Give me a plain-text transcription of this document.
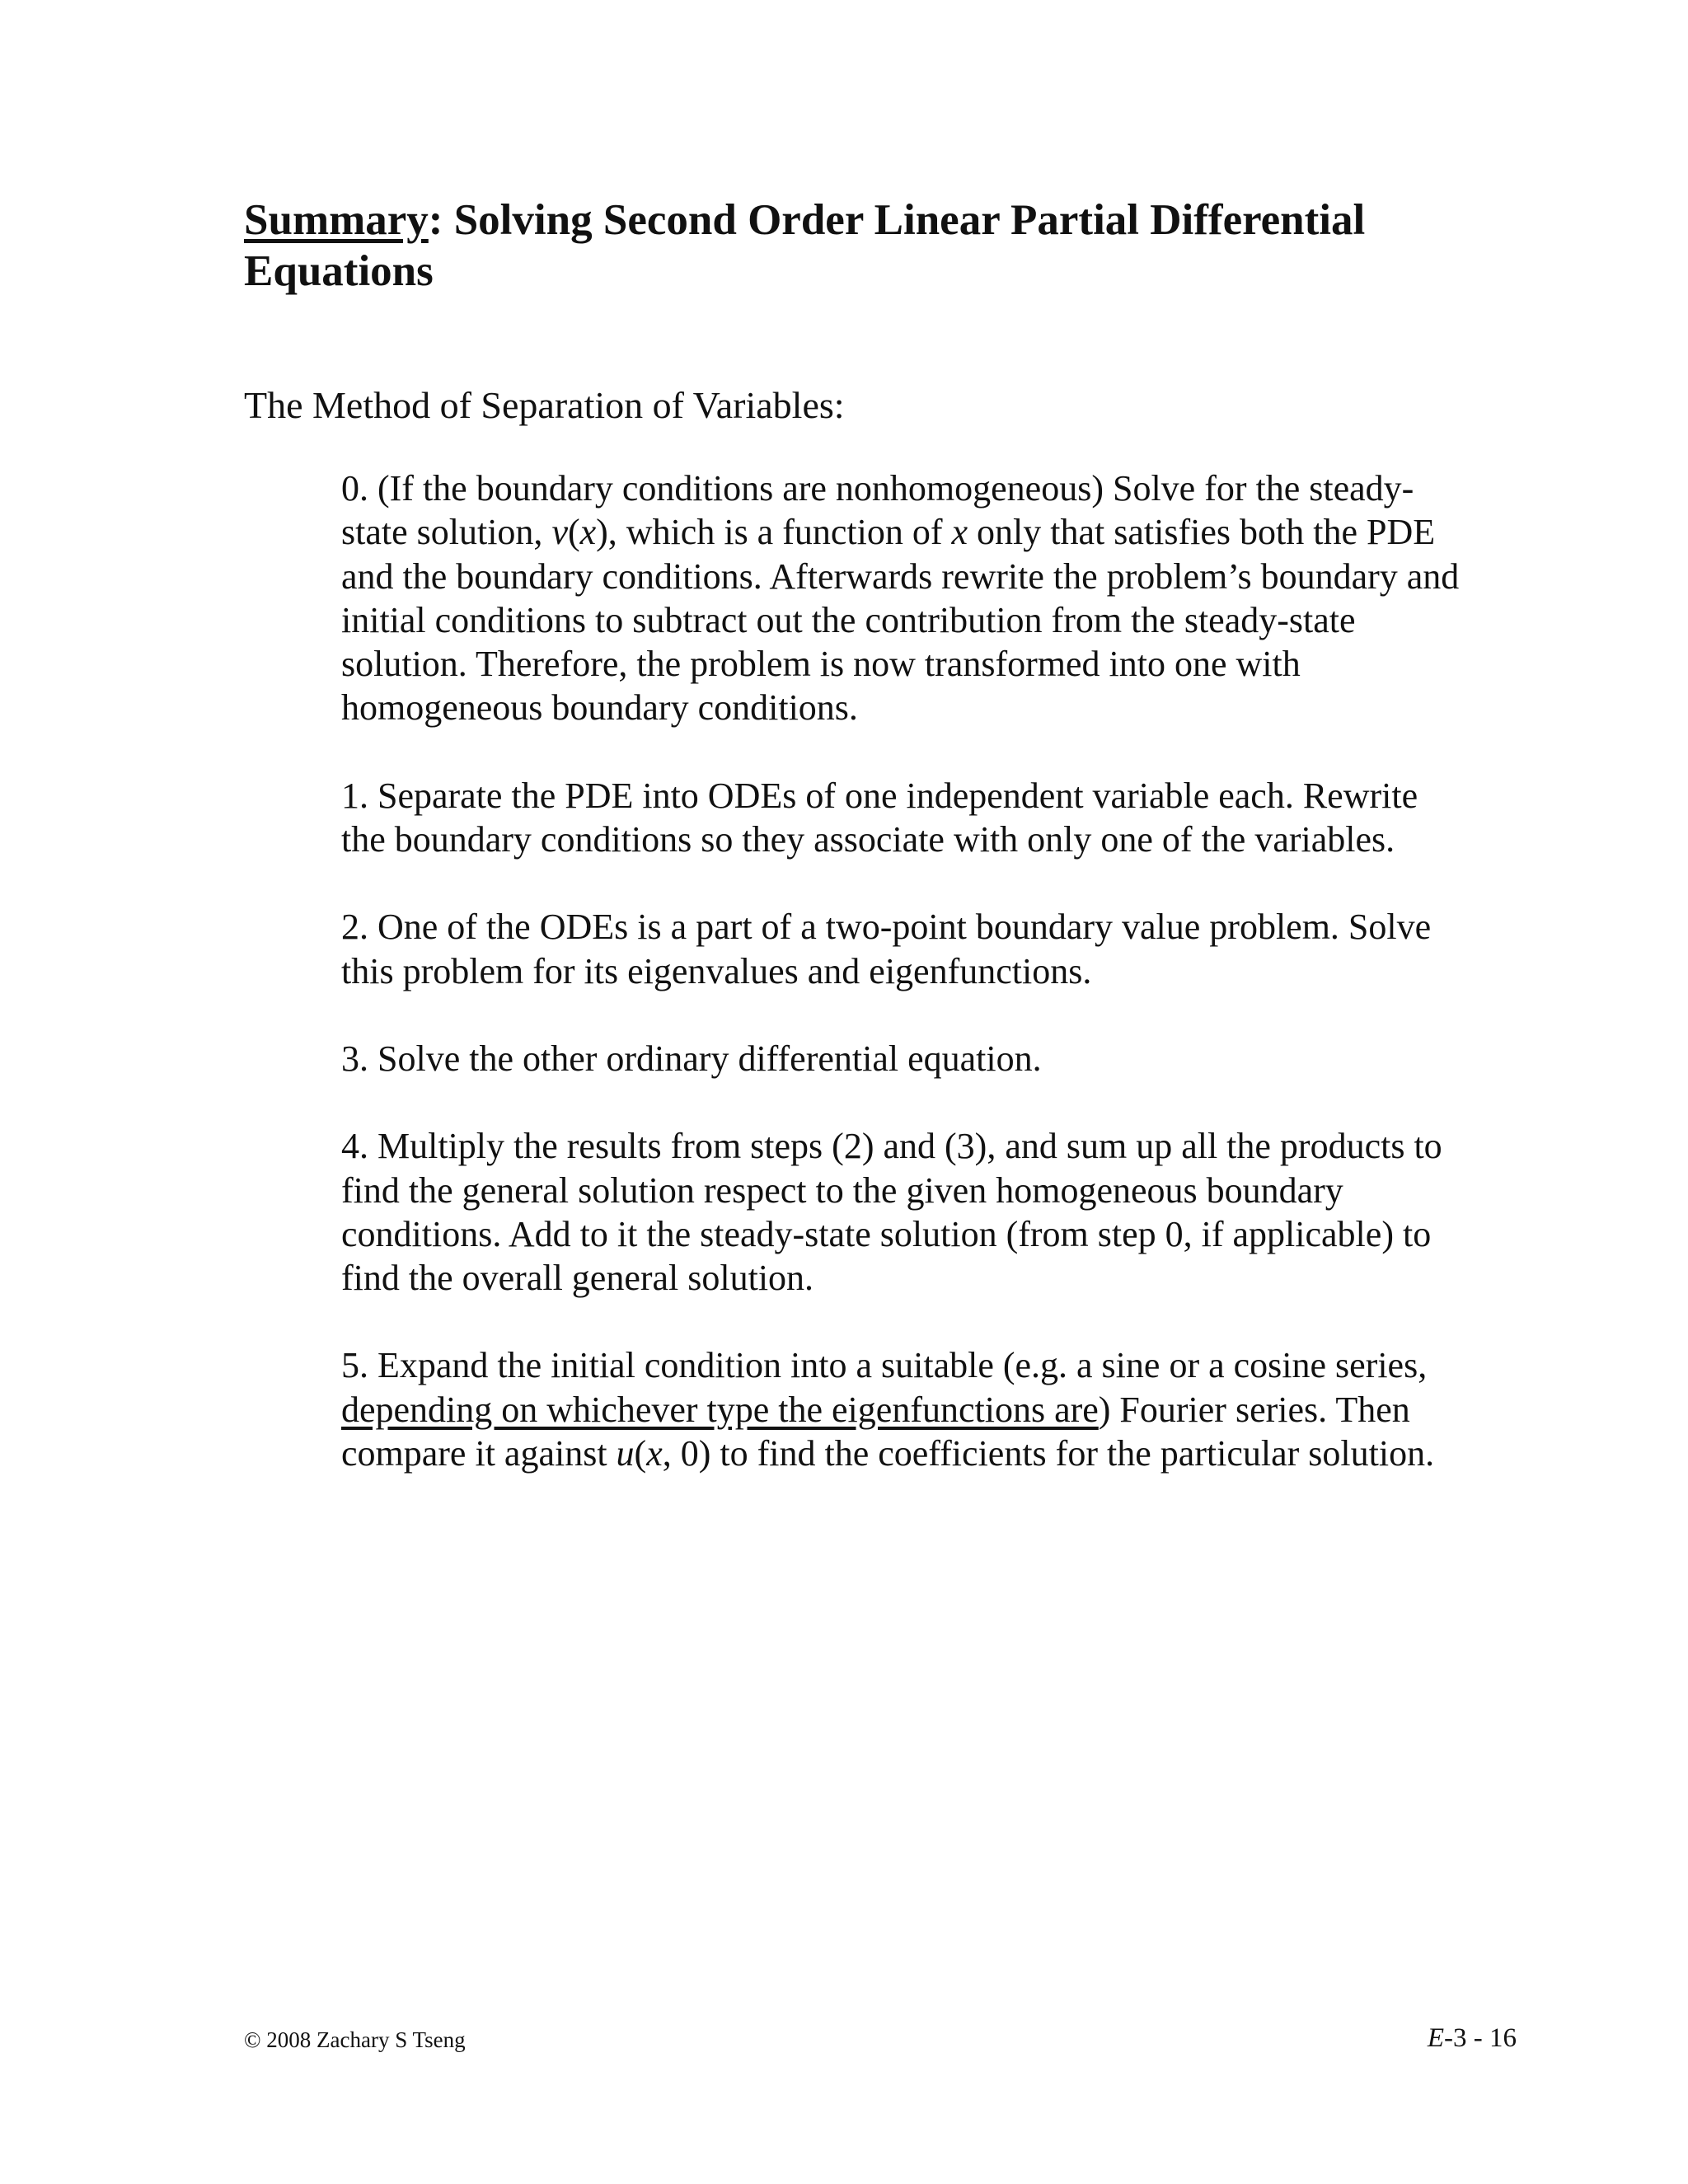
Summary: Solving Second Order Linear Partial Differential Equations

The Method of Separation of Variables:

0. (If the boundary conditions are nonhomogeneous) Solve for the steady-state solution, v(x), which is a function of x only that satisfies both the PDE and the boundary conditions. Afterwards rewrite the problem’s boundary and initial conditions to subtract out the contribution from the steady-state solution. Therefore, the problem is now transformed into one with homogeneous boundary conditions.

1. Separate the PDE into ODEs of one independent variable each. Rewrite the boundary conditions so they associate with only one of the variables.

2. One of the ODEs is a part of a two-point boundary value problem. Solve this problem for its eigenvalues and eigenfunctions.

3. Solve the other ordinary differential equation.

4. Multiply the results from steps (2) and (3), and sum up all the products to find the general solution respect to the given homogeneous boundary conditions. Add to it the steady-state solution (from step 0, if applicable) to find the overall general solution.

5. Expand the initial condition into a suitable (e.g. a sine or a cosine series, depending on whichever type the eigenfunctions are) Fourier series. Then compare it against u(x, 0) to find the coefficients for the particular solution.

© 2008 Zachary S Tseng	E-3 - 16
